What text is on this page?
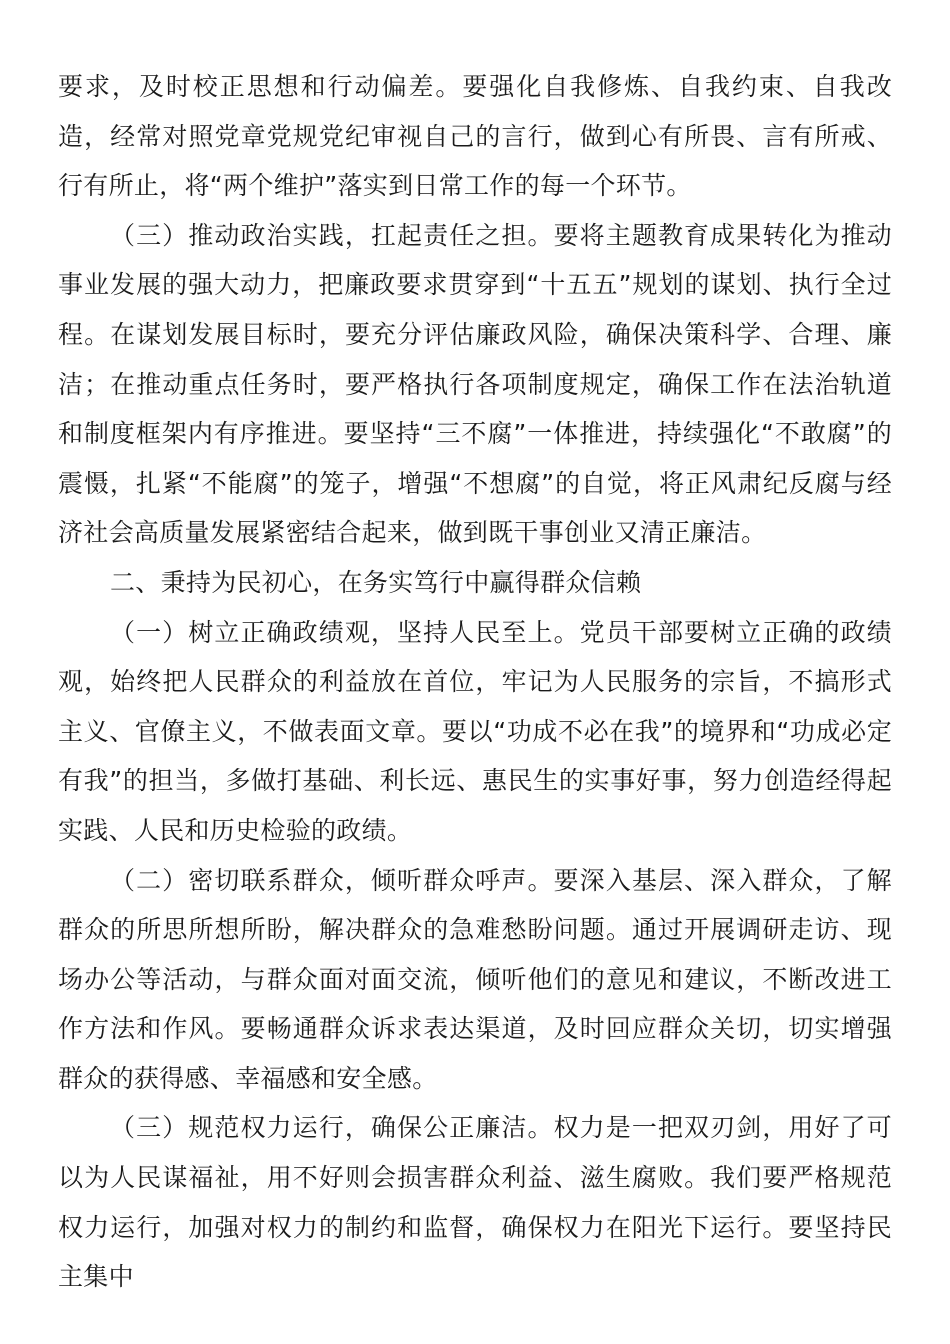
要求，及时校正思想和行动偏差。要强化自我修炼、自我约束、自我改造，经常对照党章党规党纪审视自己的言行，做到心有所畏、言有所戒、行有所止，将“两个维护”落实到日常工作的每一个环节。

（三）推动政治实践，扛起责任之担。要将主题教育成果转化为推动事业发展的强大动力，把廉政要求贯穿到“十五五”规划的谋划、执行全过程。在谋划发展目标时，要充分评估廉政风险，确保决策科学、合理、廉洁；在推动重点任务时，要严格执行各项制度规定，确保工作在法治轨道和制度框架内有序推进。要坚持“三不腐”一体推进，持续强化“不敢腐”的震慑，扎紧“不能腐”的笼子，增强“不想腐”的自觉，将正风肃纪反腐与经济社会高质量发展紧密结合起来，做到既干事创业又清正廉洁。

二、秉持为民初心，在务实笃行中赢得群众信赖

（一）树立正确政绩观，坚持人民至上。党员干部要树立正确的政绩观，始终把人民群众的利益放在首位，牢记为人民服务的宗旨，不搞形式主义、官僚主义，不做表面文章。要以“功成不必在我”的境界和“功成必定有我”的担当，多做打基础、利长远、惠民生的实事好事，努力创造经得起实践、人民和历史检验的政绩。

（二）密切联系群众，倾听群众呼声。要深入基层、深入群众，了解群众的所思所想所盼，解决群众的急难愁盼问题。通过开展调研走访、现场办公等活动，与群众面对面交流，倾听他们的意见和建议，不断改进工作方法和作风。要畅通群众诉求表达渠道，及时回应群众关切，切实增强群众的获得感、幸福感和安全感。

（三）规范权力运行，确保公正廉洁。权力是一把双刃剑，用好了可以为人民谋福祉，用不好则会损害群众利益、滋生腐败。我们要严格规范权力运行，加强对权力的制约和监督，确保权力在阳光下运行。要坚持民主集中
